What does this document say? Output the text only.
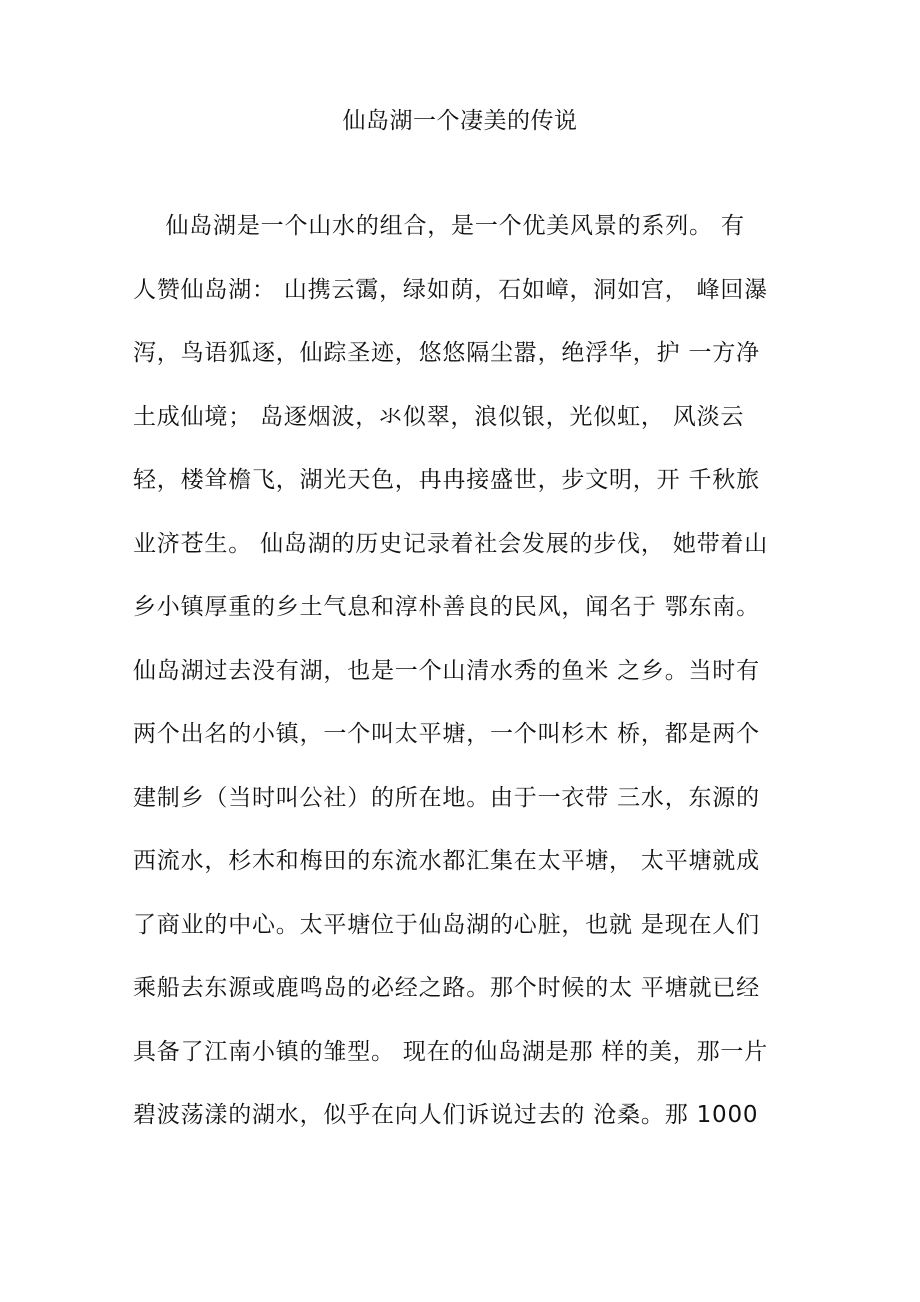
仙岛湖一个凄美的传说
仙岛湖是一个山水的组合，是一个优美风景的系列。 有
人赞仙岛湖： 山携云霭，绿如荫，石如嶂，洞如宫， 峰回瀑
泻，鸟语狐逐，仙踪圣迹，悠悠隔尘嚣，绝浮华，护 一方净
土成仙境； 岛逐烟波，氺似翠，浪似银，光似虹， 风淡云
轻，楼耸檐飞，湖光天色，冉冉接盛世，步文明，开 千秋旅
业济苍生。 仙岛湖的历史记录着社会发展的步伐， 她带着山
乡小镇厚重的乡土气息和淳朴善良的民风，闻名于 鄂东南。
仙岛湖过去没有湖，也是一个山清水秀的鱼米 之乡。当时有
两个出名的小镇，一个叫太平塘，一个叫杉木 桥，都是两个
建制乡（当时叫公社）的所在地。由于一衣带 三水，东源的
西流水，杉木和梅田的东流水都汇集在太平塘， 太平塘就成
了商业的中心。太平塘位于仙岛湖的心脏，也就 是现在人们
乘船去东源或鹿鸣岛的必经之路。那个时候的太 平塘就已经
具备了江南小镇的雏型。 现在的仙岛湖是那 样的美，那一片
碧波荡漾的湖水，似乎在向人们诉说过去的 沧桑。那 1000
